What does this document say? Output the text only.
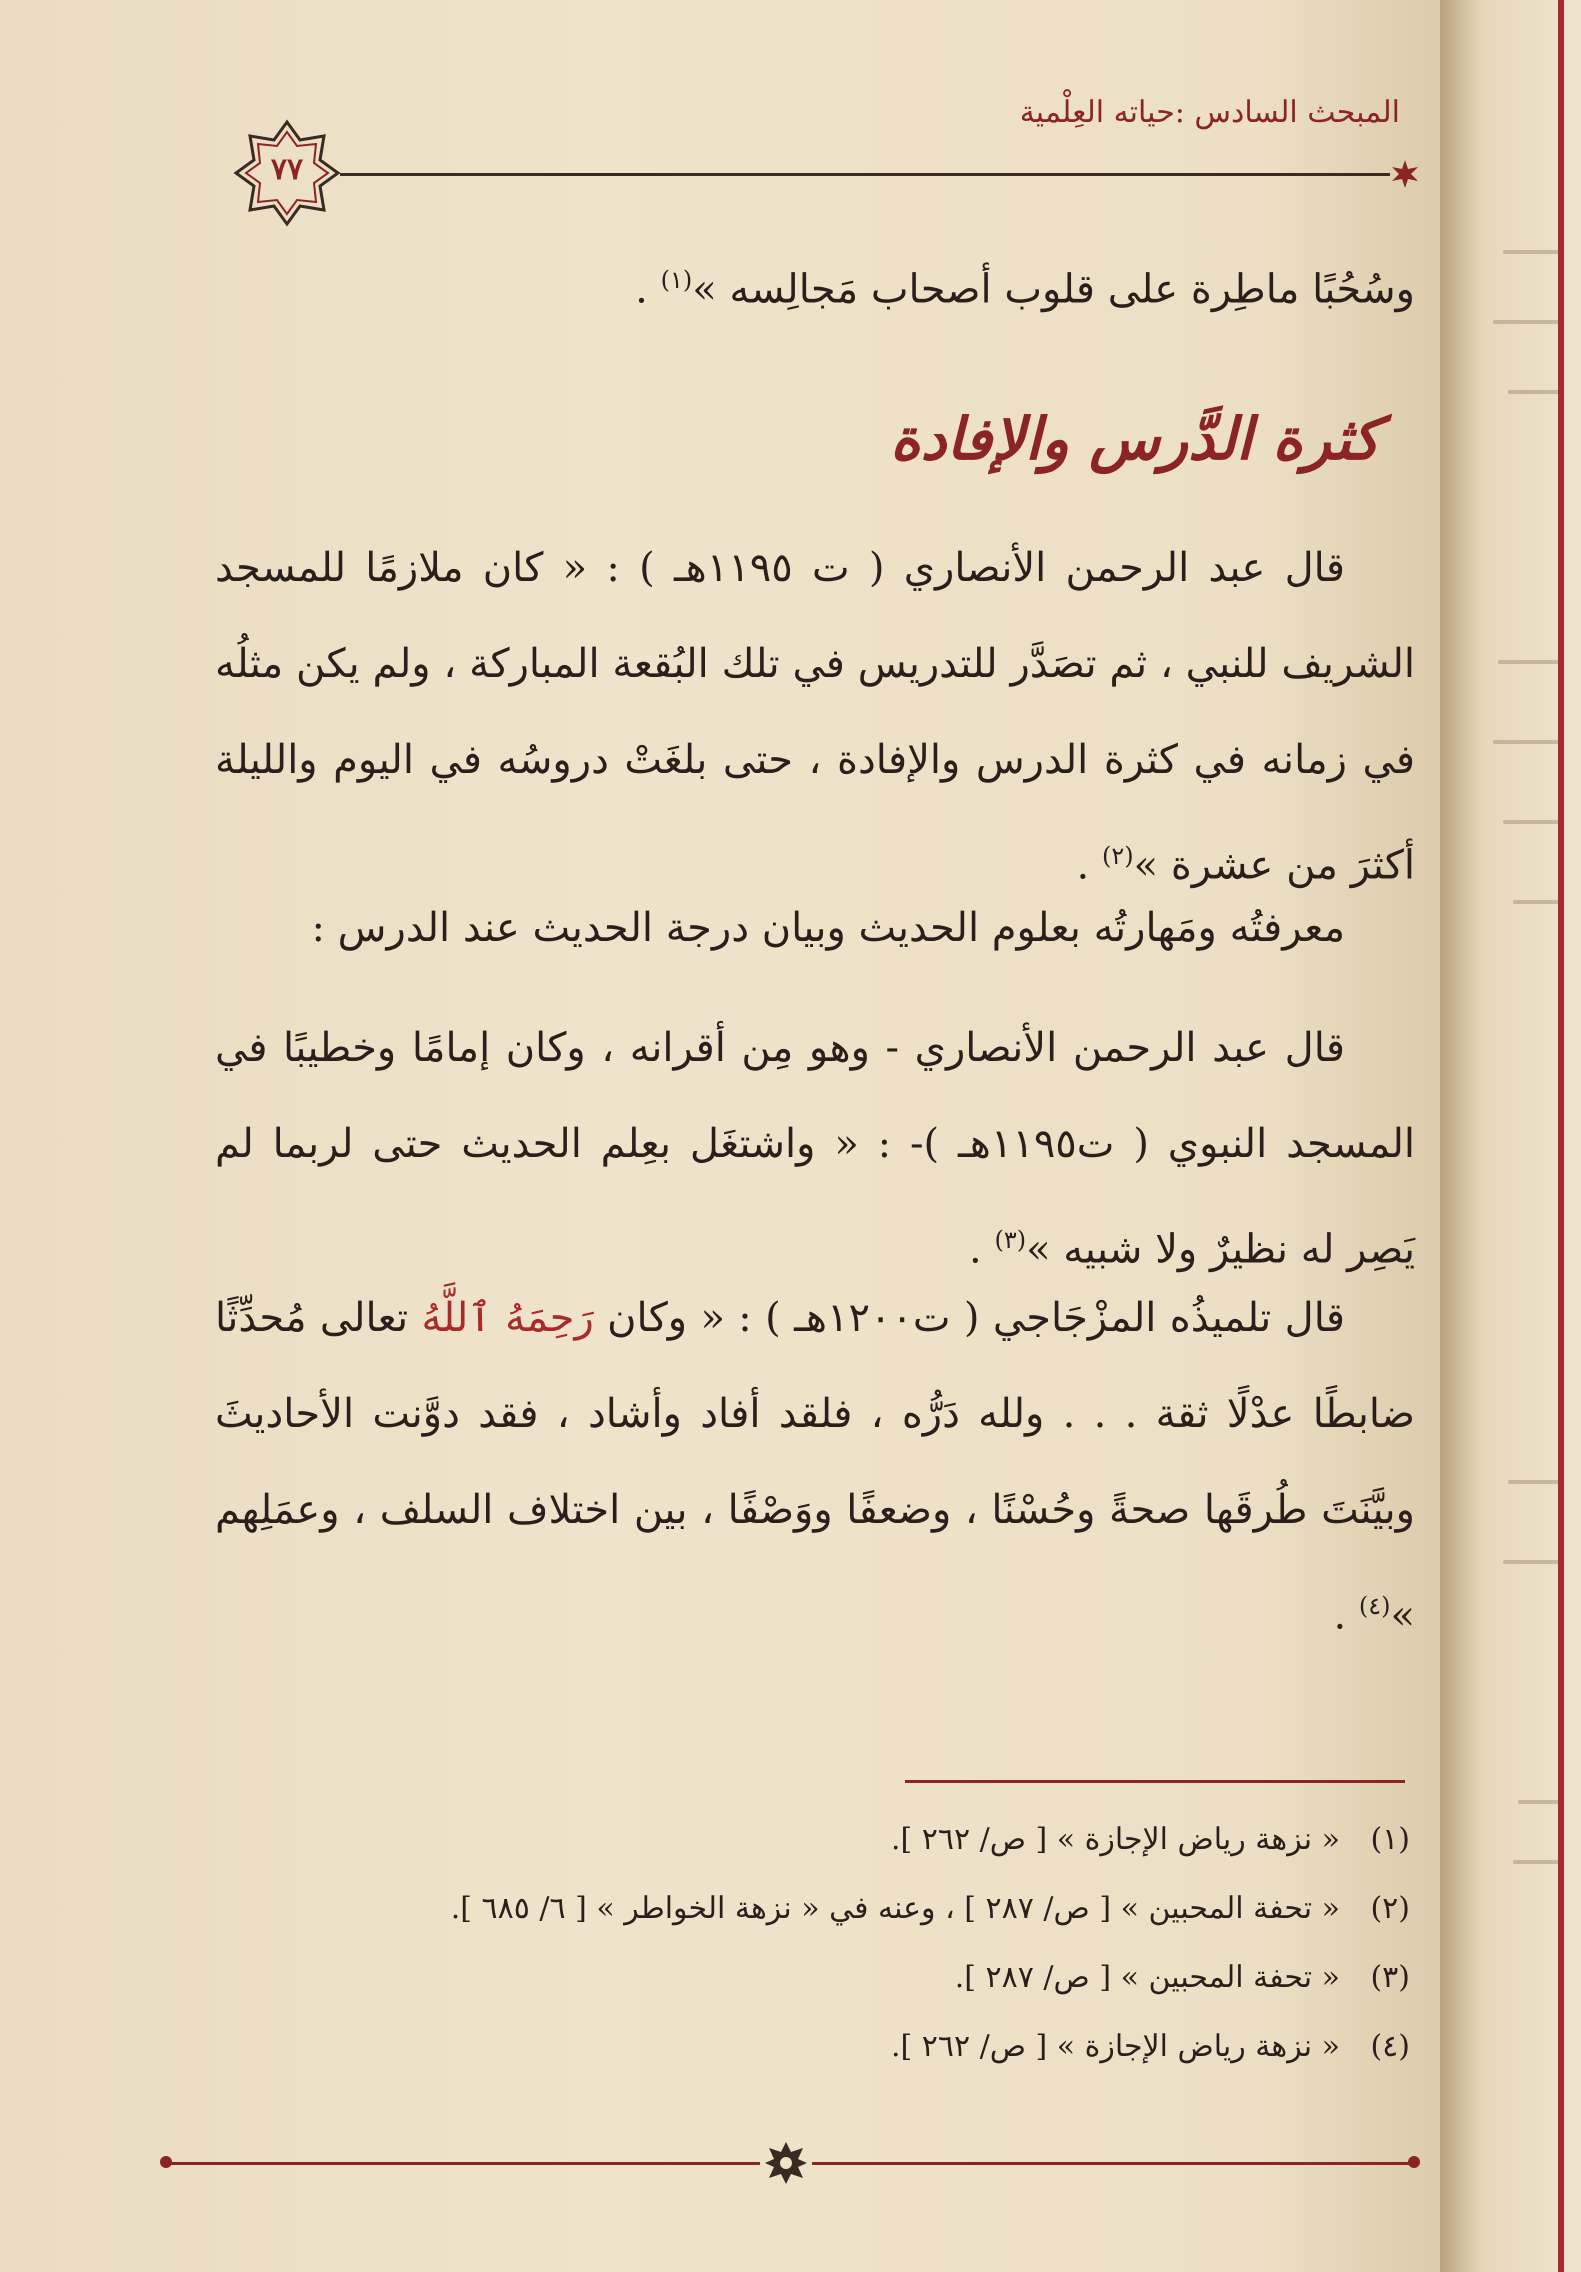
المبحث السادس :حياته العِلْمية
٧٧

وسُحُبًا ماطِرة على قلوب أصحاب مَجالِسه »$^{(١)}$ .

كثرة الدَّرس والإفادة

قال عبد الرحمن الأنصاري ( ت ١١٩٥هـ ) : « كان ملازمًا للمسجد الشريف للنبي ، ثم تصَدَّر للتدريس في تلك البُقعة المباركة ، ولم يكن مثلُه في زمانه في كثرة الدرس والإفادة ، حتى بلغَتْ دروسُه في اليوم والليلة أكثرَ من عشرة »$^{(٢)}$ .

معرفتُه ومَهارتُه بعلوم الحديث وبيان درجة الحديث عند الدرس :

قال عبد الرحمن الأنصاري - وهو مِن أقرانه ، وكان إمامًا وخطيبًا في المسجد النبوي ( ت١١٩٥هـ )- : « واشتغَل بعِلم الحديث حتى لربما لم يَصِر له نظيرٌ ولا شبيه »$^{(٣)}$ .

قال تلميذُه المزْجَاجي ( ت١٢٠٠هـ ) : « وكان رَحِمَهُ ٱللَّهُ تعالى مُحدِّثًا ضابطًا عدْلًا ثقة . . . ولله دَرُّه ، فلقد أفاد وأشاد ، فقد دوَّنت الأحاديثَ وبيَّنَتَ طُرقَها صحةً وحُسْنًا ، وضعفًا ووَصْفًا ، بين اختلاف السلف ، وعمَلِهم »$^{(٤)}$ .

(١)« نزهة رياض الإجازة » [ ص/ ٢٦٢ ].

(٢)« تحفة المحبين » [ ص/ ٢٨٧ ] ، وعنه في « نزهة الخواطر » [ ٦/ ٦٨٥ ].

(٣)« تحفة المحبين » [ ص/ ٢٨٧ ].

(٤)« نزهة رياض الإجازة » [ ص/ ٢٦٢ ].
